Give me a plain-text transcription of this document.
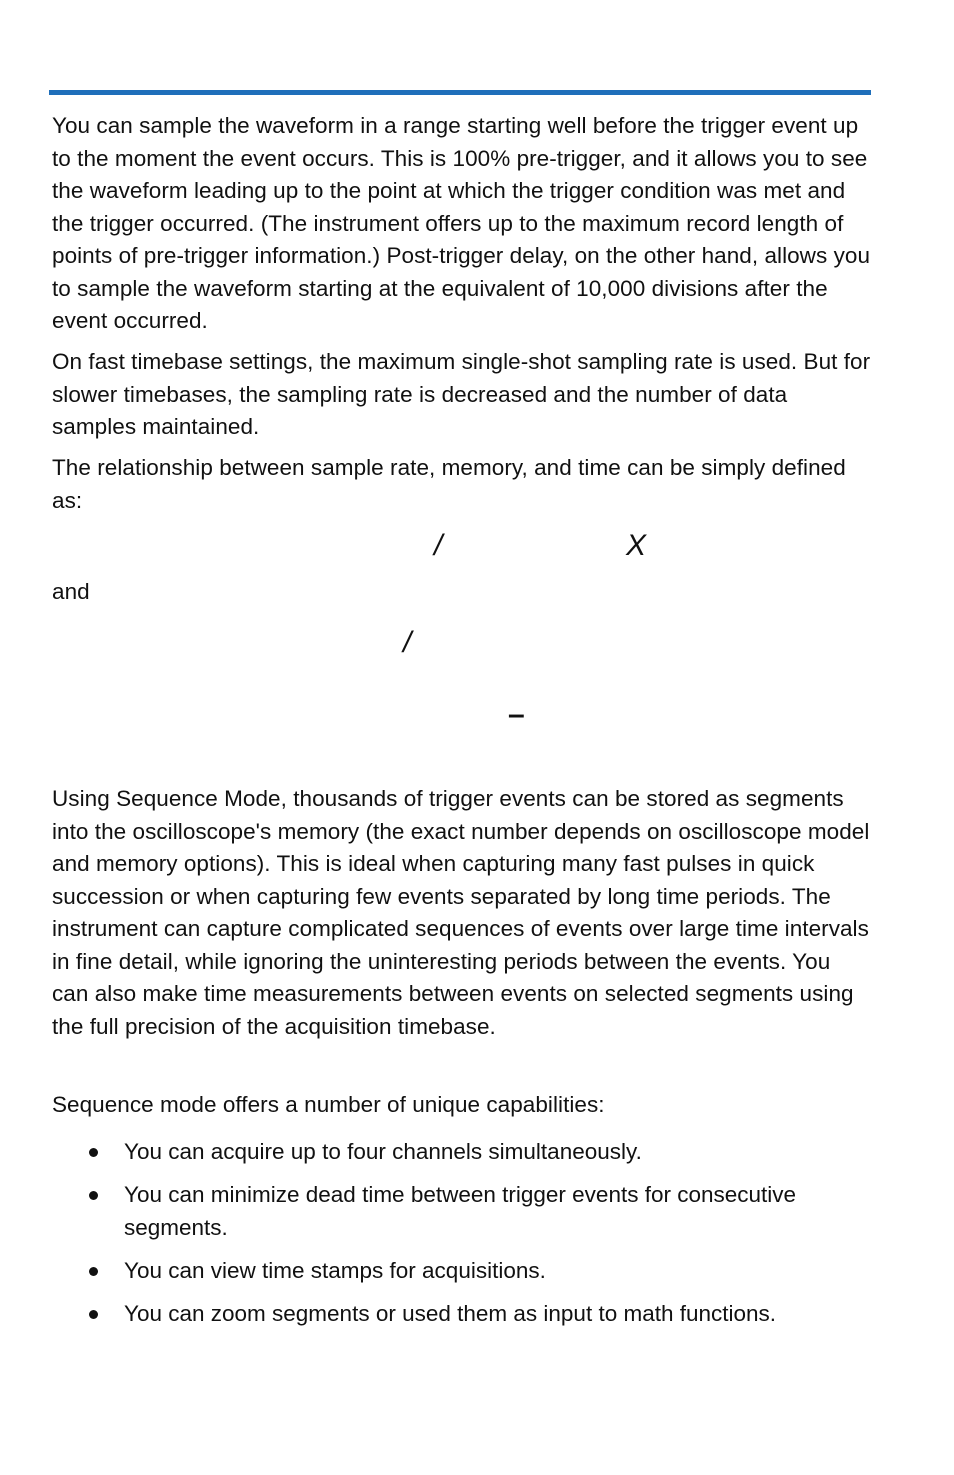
You can sample the waveform in a range starting well before the trigger event up to the moment the event occurs. This is 100% pre-trigger, and it allows you to see the waveform leading up to the point at which the trigger condition was met and the trigger occurred. (The instrument offers up to the maximum record length of points of pre-trigger information.) Post-trigger delay, on the other hand, allows you to sample the waveform starting at the equivalent of 10,000 divisions after the event occurred.

On fast timebase settings, the maximum single-shot sampling rate is used. But for slower timebases, the sampling rate is decreased and the number of data samples maintained.

The relationship between sample rate, memory, and time can be simply defined as:

/	X

and

/
–

Using Sequence Mode, thousands of trigger events can be stored as segments into the oscilloscope's memory (the exact number depends on oscilloscope model and memory options). This is ideal when capturing many fast pulses in quick succession or when capturing few events separated by long time periods. The instrument can capture complicated sequences of events over large time intervals in fine detail, while ignoring the uninteresting periods between the events. You can also make time measurements between events on selected segments using the full precision of the acquisition timebase.

Sequence mode offers a number of unique capabilities:

You can acquire up to four channels simultaneously.
You can minimize dead time between trigger events for consecutive segments.
You can view time stamps for acquisitions.
You can zoom segments or used them as input to math functions.
